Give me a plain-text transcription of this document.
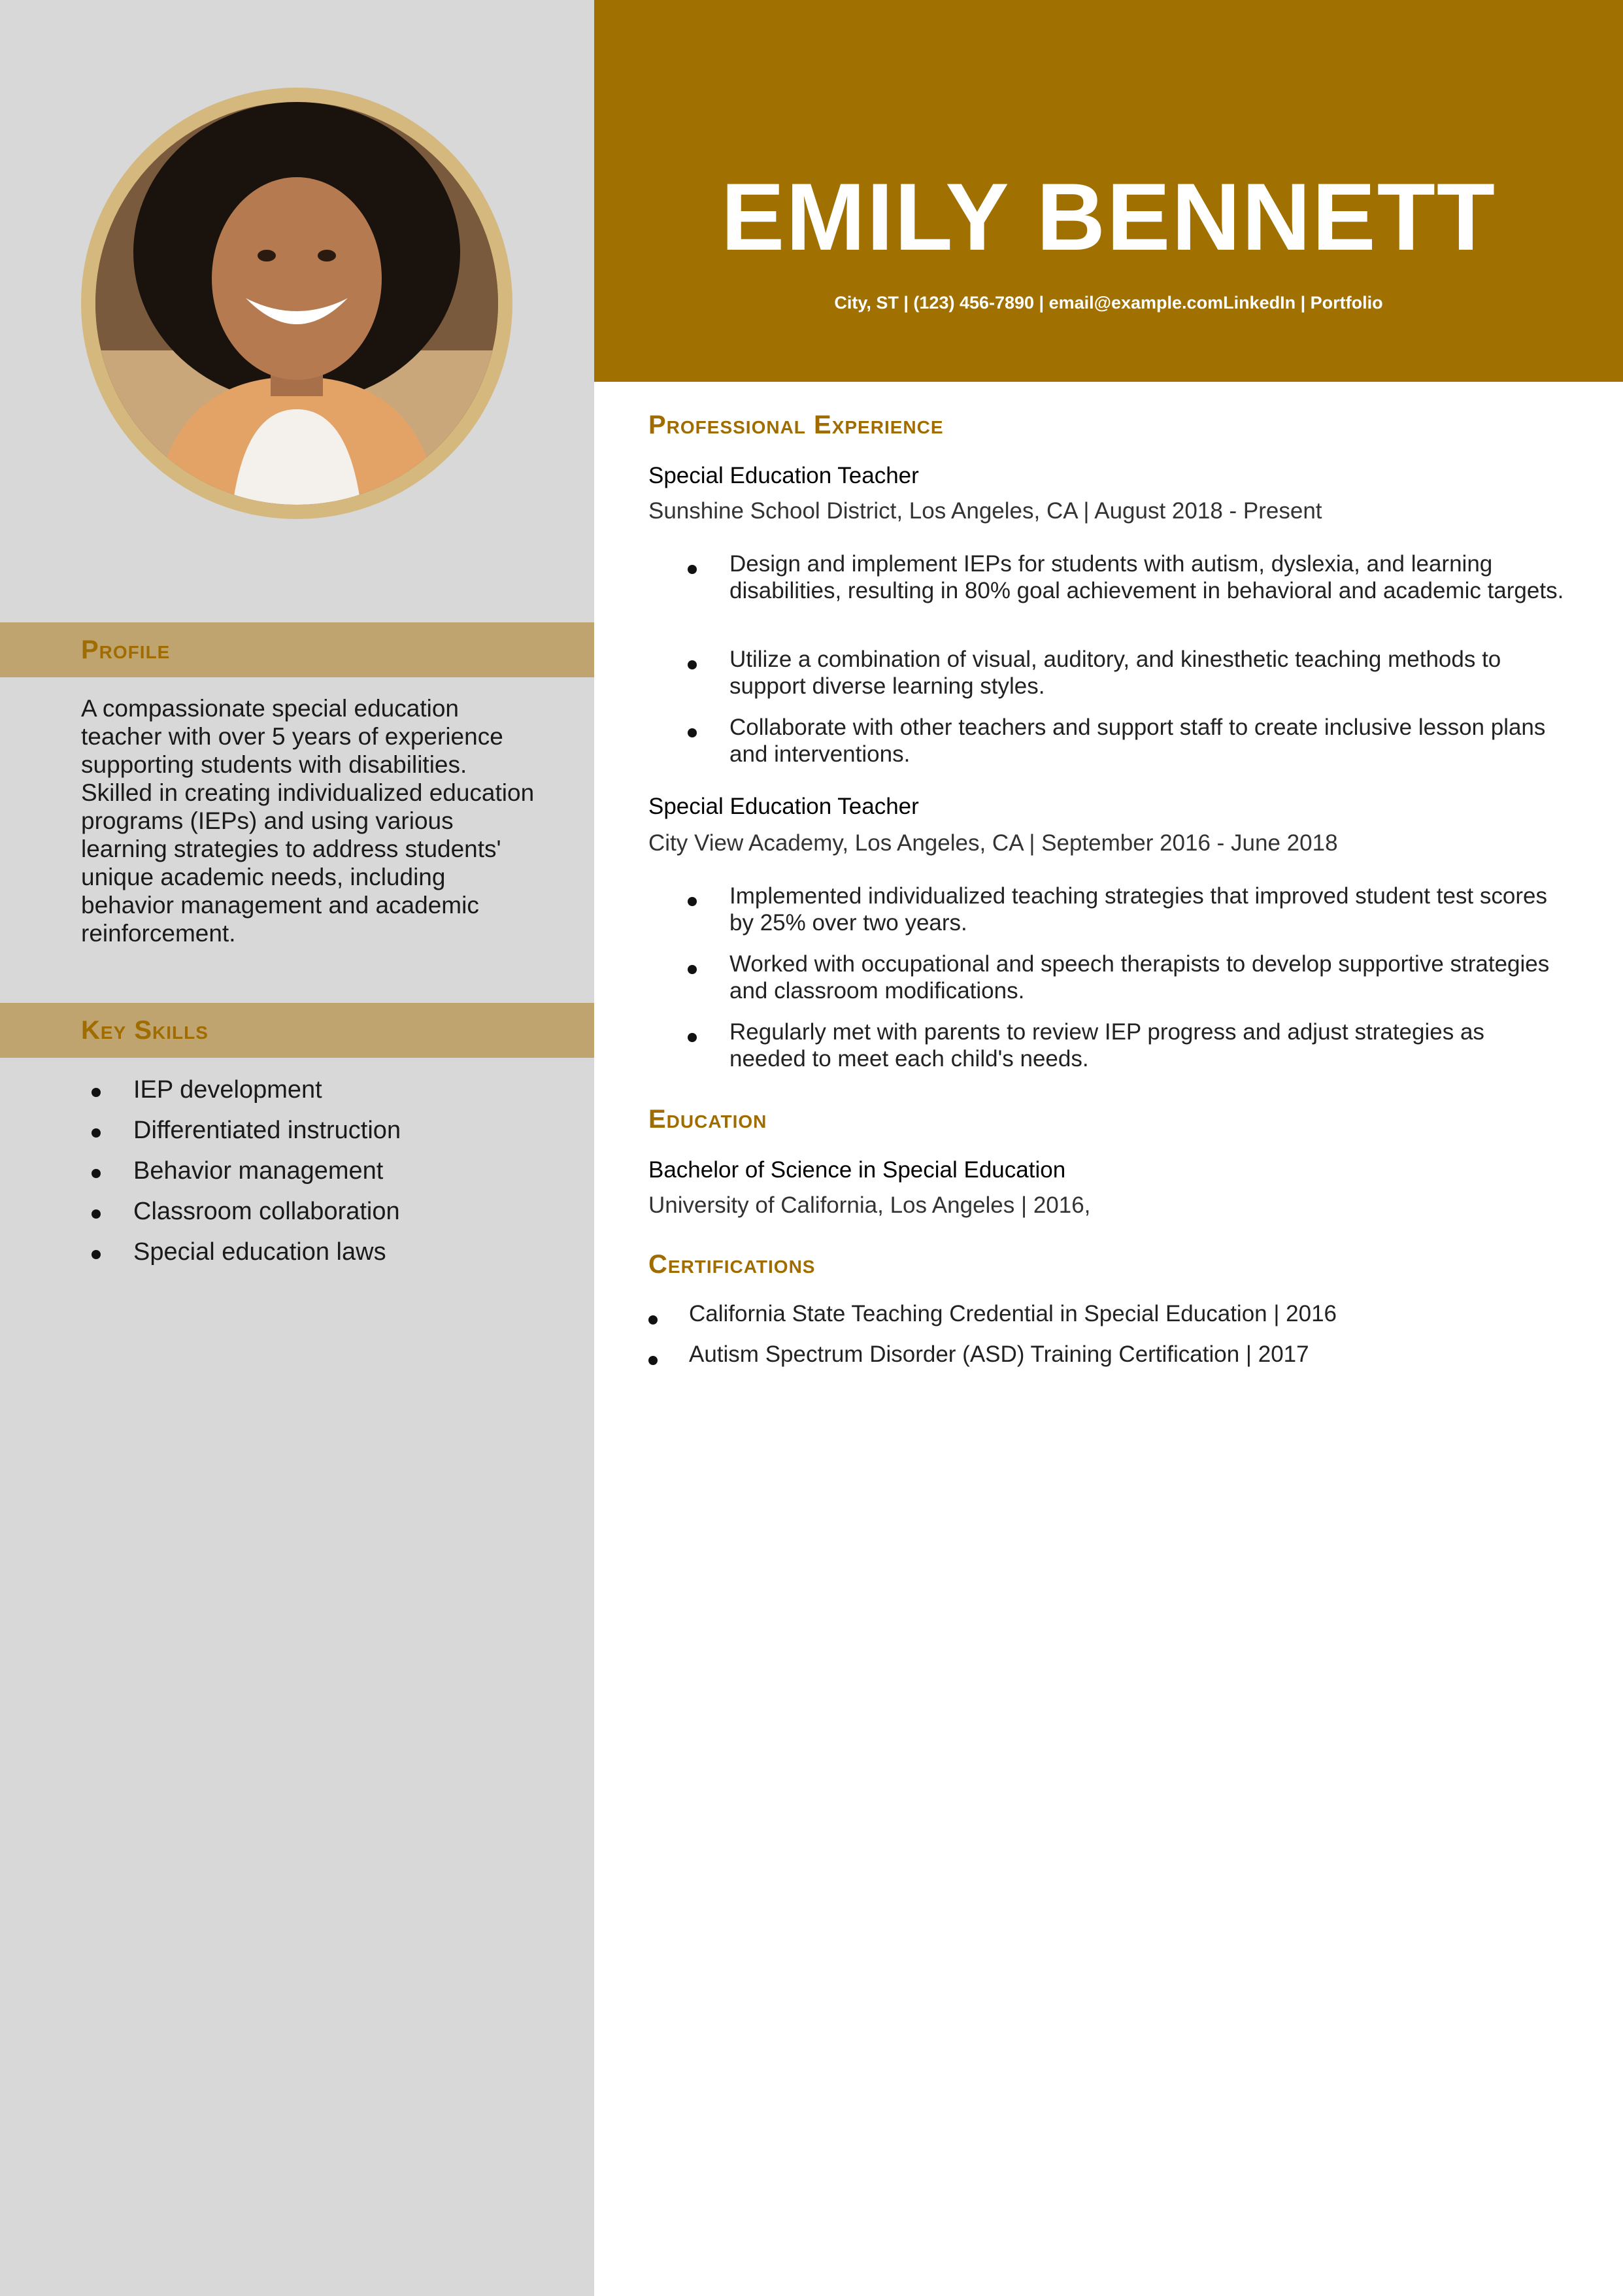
Profile
A compassionate special education teacher with over 5 years of experience supporting students with disabilities. Skilled in creating individualized education programs (IEPs) and using various learning strategies to address students' unique academic needs, including behavior management and academic reinforcement.
Key Skills
IEP development
Differentiated instruction
Behavior management
Classroom collaboration
Special education laws
EMILY BENNETT
City, ST | (123) 456-7890 | email@example.comLinkedIn | Portfolio
Professional Experience
Special Education Teacher
Sunshine School District, Los Angeles, CA | August 2018 - Present
Design and implement IEPs for students with autism, dyslexia, and learning disabilities, resulting in 80% goal achievement in behavioral and academic targets.
Utilize a combination of visual, auditory, and kinesthetic teaching methods to support diverse learning styles.
Collaborate with other teachers and support staff to create inclusive lesson plans and interventions.
Special Education Teacher
City View Academy, Los Angeles, CA | September 2016 - June 2018
Implemented individualized teaching strategies that improved student test scores by 25% over two years.
Worked with occupational and speech therapists to develop supportive strategies and classroom modifications.
Regularly met with parents to review IEP progress and adjust strategies as needed to meet each child's needs.
Education
Bachelor of Science in Special Education
University of California, Los Angeles | 2016,
Certifications
California State Teaching Credential in Special Education | 2016
Autism Spectrum Disorder (ASD) Training Certification | 2017
